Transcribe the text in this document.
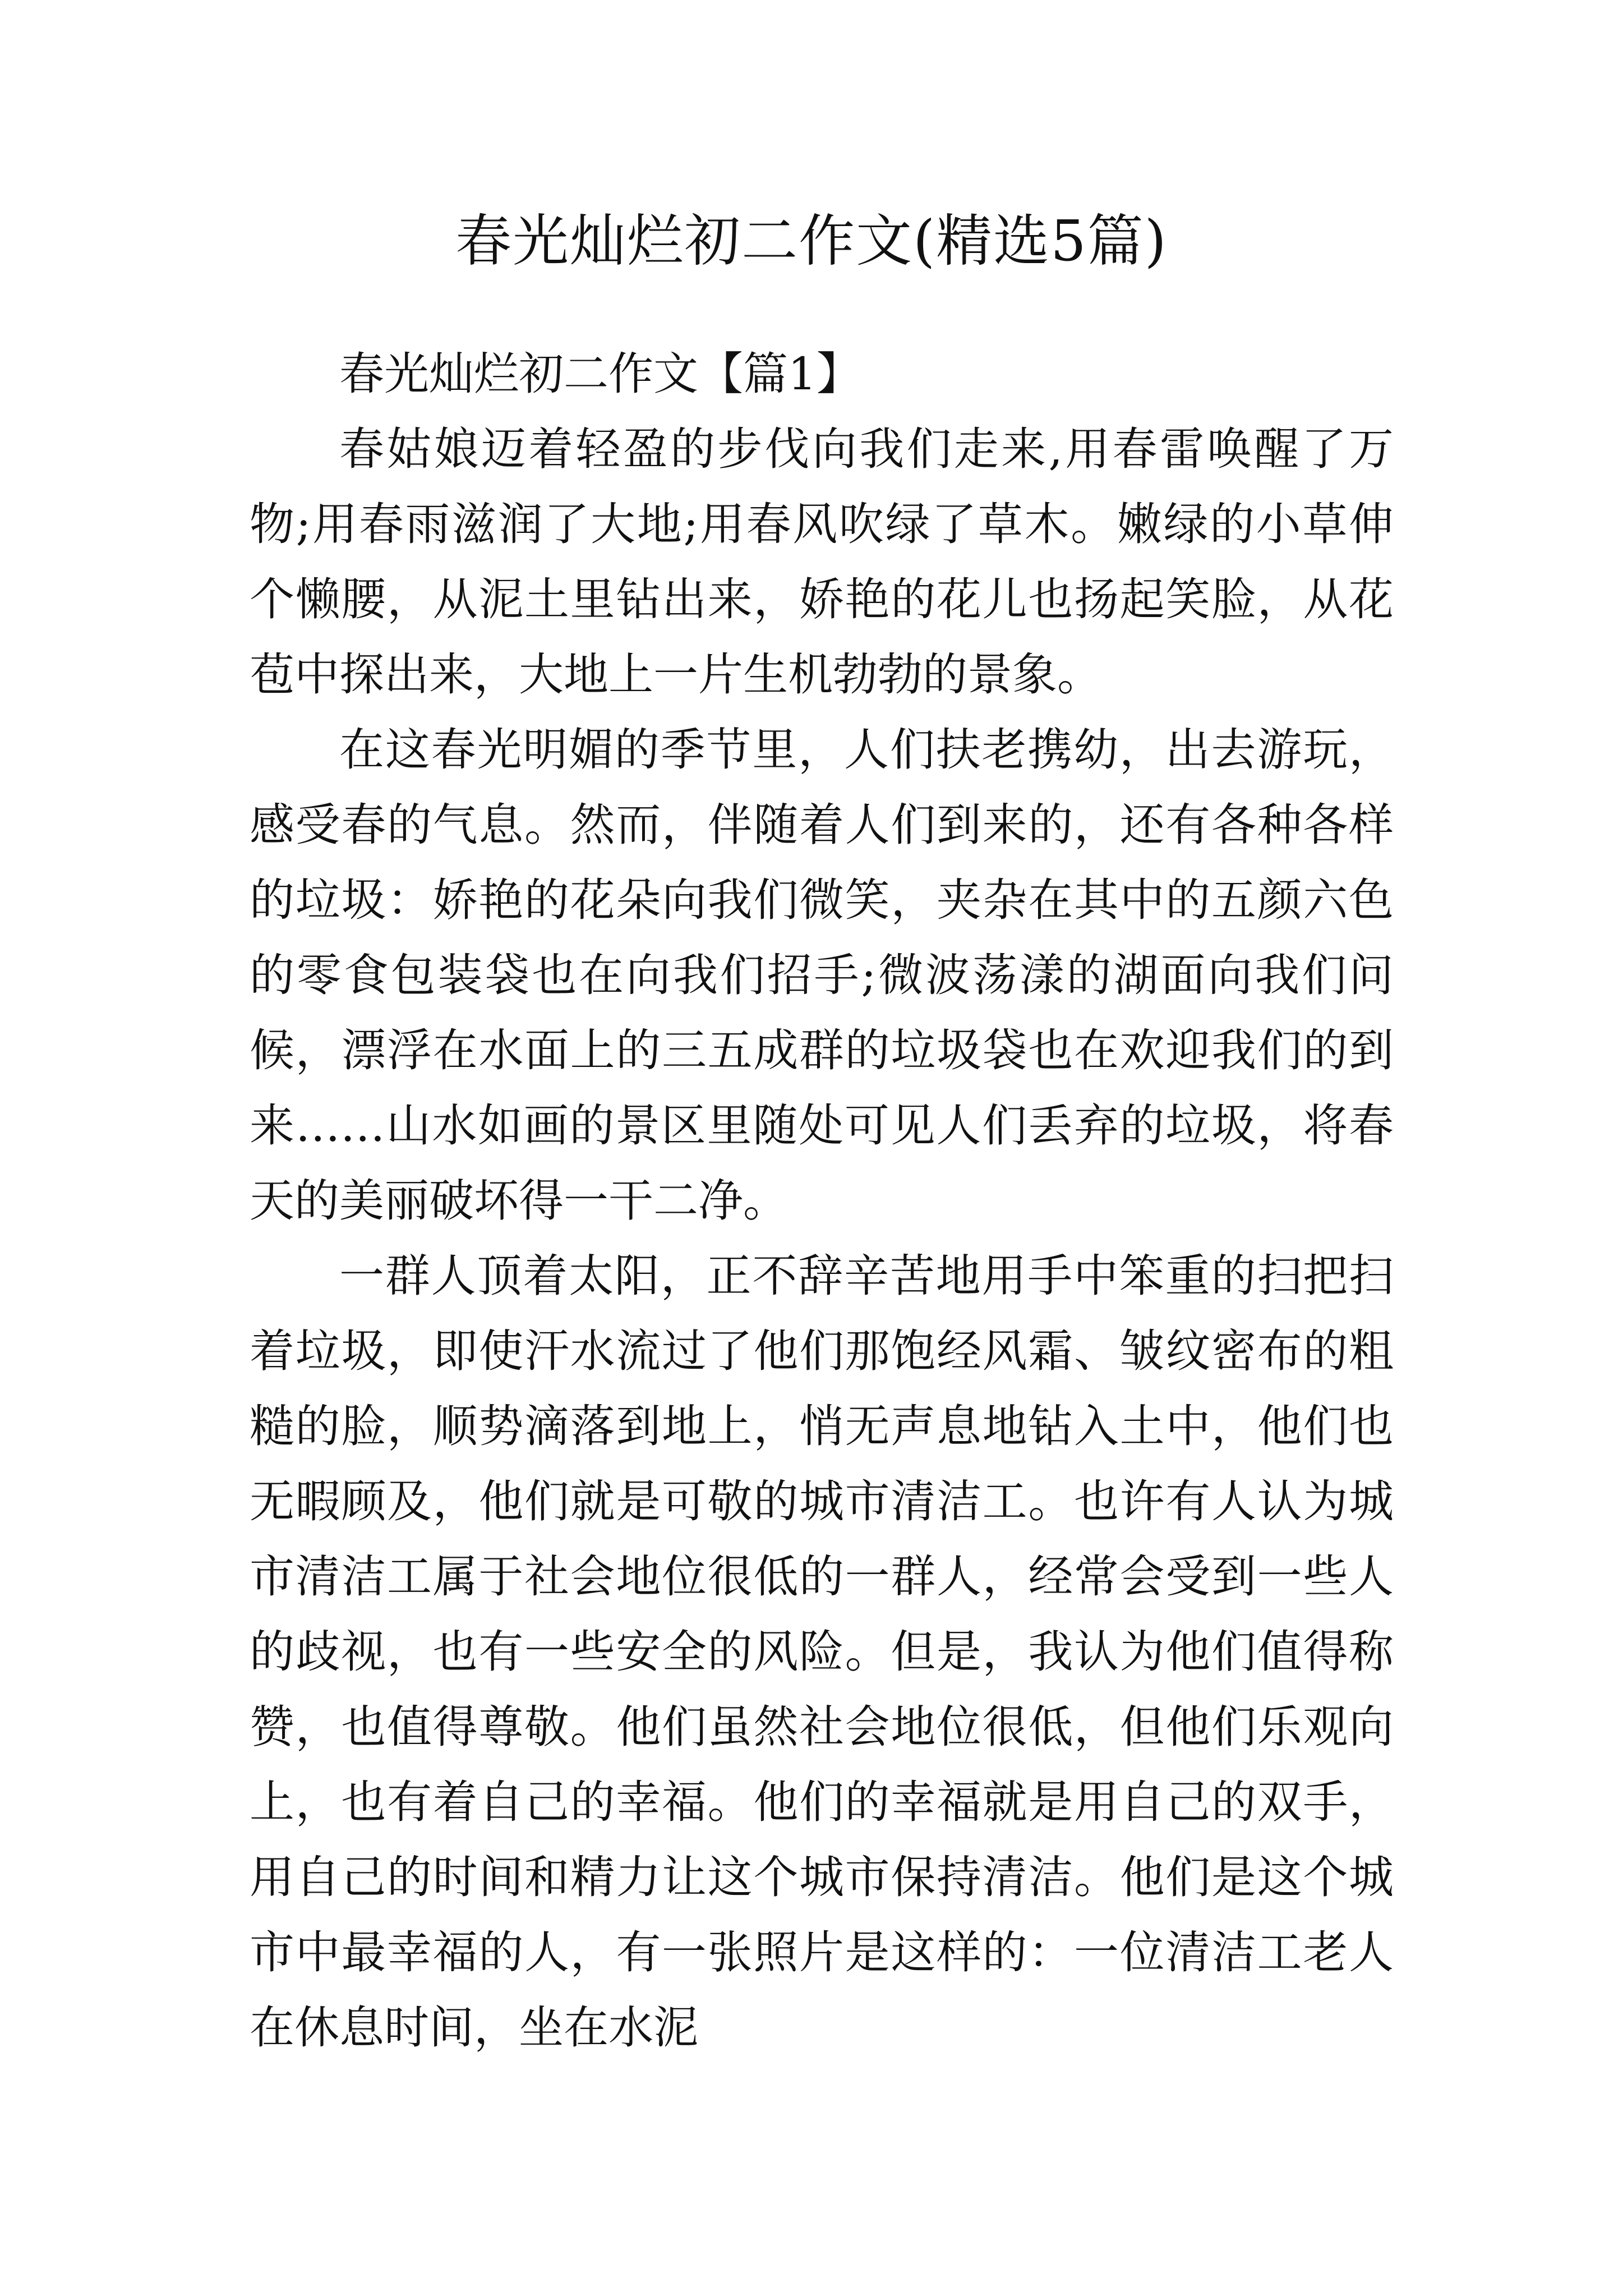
春光灿烂初二作文(精选5篇)

春光灿烂初二作文【篇1】

春姑娘迈着轻盈的步伐向我们走来,用春雷唤醒了万物;用春雨滋润了大地;用春风吹绿了草木。嫩绿的小草伸个懒腰，从泥土里钻出来，娇艳的花儿也扬起笑脸，从花苞中探出来，大地上一片生机勃勃的景象。

在这春光明媚的季节里，人们扶老携幼，出去游玩，感受春的气息。然而，伴随着人们到来的，还有各种各样的垃圾：娇艳的花朵向我们微笑，夹杂在其中的五颜六色的零食包装袋也在向我们招手;微波荡漾的湖面向我们问候，漂浮在水面上的三五成群的垃圾袋也在欢迎我们的到来……山水如画的景区里随处可见人们丢弃的垃圾，将春天的美丽破坏得一干二净。

一群人顶着太阳，正不辞辛苦地用手中笨重的扫把扫着垃圾，即使汗水流过了他们那饱经风霜、皱纹密布的粗糙的脸，顺势滴落到地上，悄无声息地钻入土中，他们也无暇顾及，他们就是可敬的城市清洁工。也许有人认为城市清洁工属于社会地位很低的一群人，经常会受到一些人的歧视，也有一些安全的风险。但是，我认为他们值得称赞，也值得尊敬。他们虽然社会地位很低，但他们乐观向上，也有着自己的幸福。他们的幸福就是用自己的双手，用自己的时间和精力让这个城市保持清洁。他们是这个城市中最幸福的人，有一张照片是这样的：一位清洁工老人在休息时间，坐在水泥
